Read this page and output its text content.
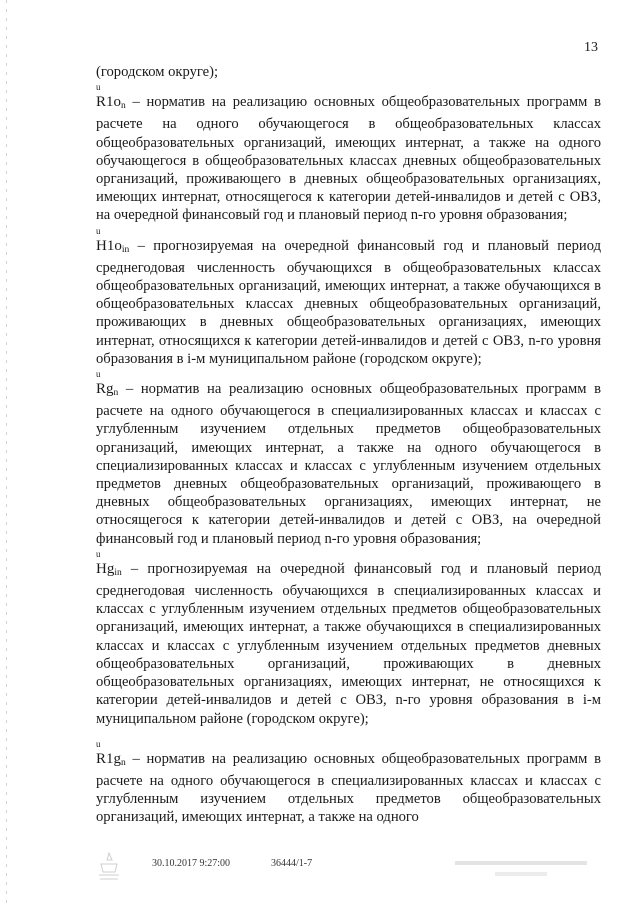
13

(городском округе);

u
$R1o_n$ – норматив на реализацию основных общеобразовательных программ в расчете на одного обучающегося в общеобразовательных классах общеобразовательных организаций, имеющих интернат, а также на одного обучающегося в общеобразовательных классах дневных общеобразовательных организаций, проживающего в дневных общеобразовательных организациях, имеющих интернат, относящегося к категории детей-инвалидов и детей с ОВЗ, на очередной финансовый год и плановый период n-го уровня образования;

u
$H1o_{in}$ – прогнозируемая на очередной финансовый год и плановый период среднегодовая численность обучающихся в общеобразовательных классах общеобразовательных организаций, имеющих интернат, а также обучающихся в общеобразовательных классах дневных общеобразовательных организаций, проживающих в дневных общеобразовательных организациях, имеющих интернат, относящихся к категории детей-инвалидов и детей с ОВЗ, n-го уровня образования в i-м муниципальном районе (городском округе);

u
$Rg_n$ – норматив на реализацию основных общеобразовательных программ в расчете на одного обучающегося в специализированных классах и классах с углубленным изучением отдельных предметов общеобразовательных организаций, имеющих интернат, а также на одного обучающегося в специализированных классах и классах с углубленным изучением отдельных предметов дневных общеобразовательных организаций, проживающего в дневных общеобразовательных организациях, имеющих интернат, не относящегося к категории детей-инвалидов и детей с ОВЗ, на очередной финансовый год и плановый период n-го уровня образования;

u
$Hg_{in}$ – прогнозируемая на очередной финансовый год и плановый период среднегодовая численность обучающихся в специализированных классах и классах с углубленным изучением отдельных предметов общеобразовательных организаций, имеющих интернат, а также обучающихся в специализированных классах и классах с углубленным изучением отдельных предметов дневных общеобразовательных организаций, проживающих в дневных общеобразовательных организациях, имеющих интернат, не относящихся к категории детей-инвалидов и детей с ОВЗ, n-го уровня образования в i-м муниципальном районе (городском округе);

u
$R1g_n$ – норматив на реализацию основных общеобразовательных программ в расчете на одного обучающегося в специализированных классах и классах с углубленным изучением отдельных предметов общеобразовательных организаций, имеющих интернат, а также на одного

30.10.2017 9:27:00	36444/1-7
